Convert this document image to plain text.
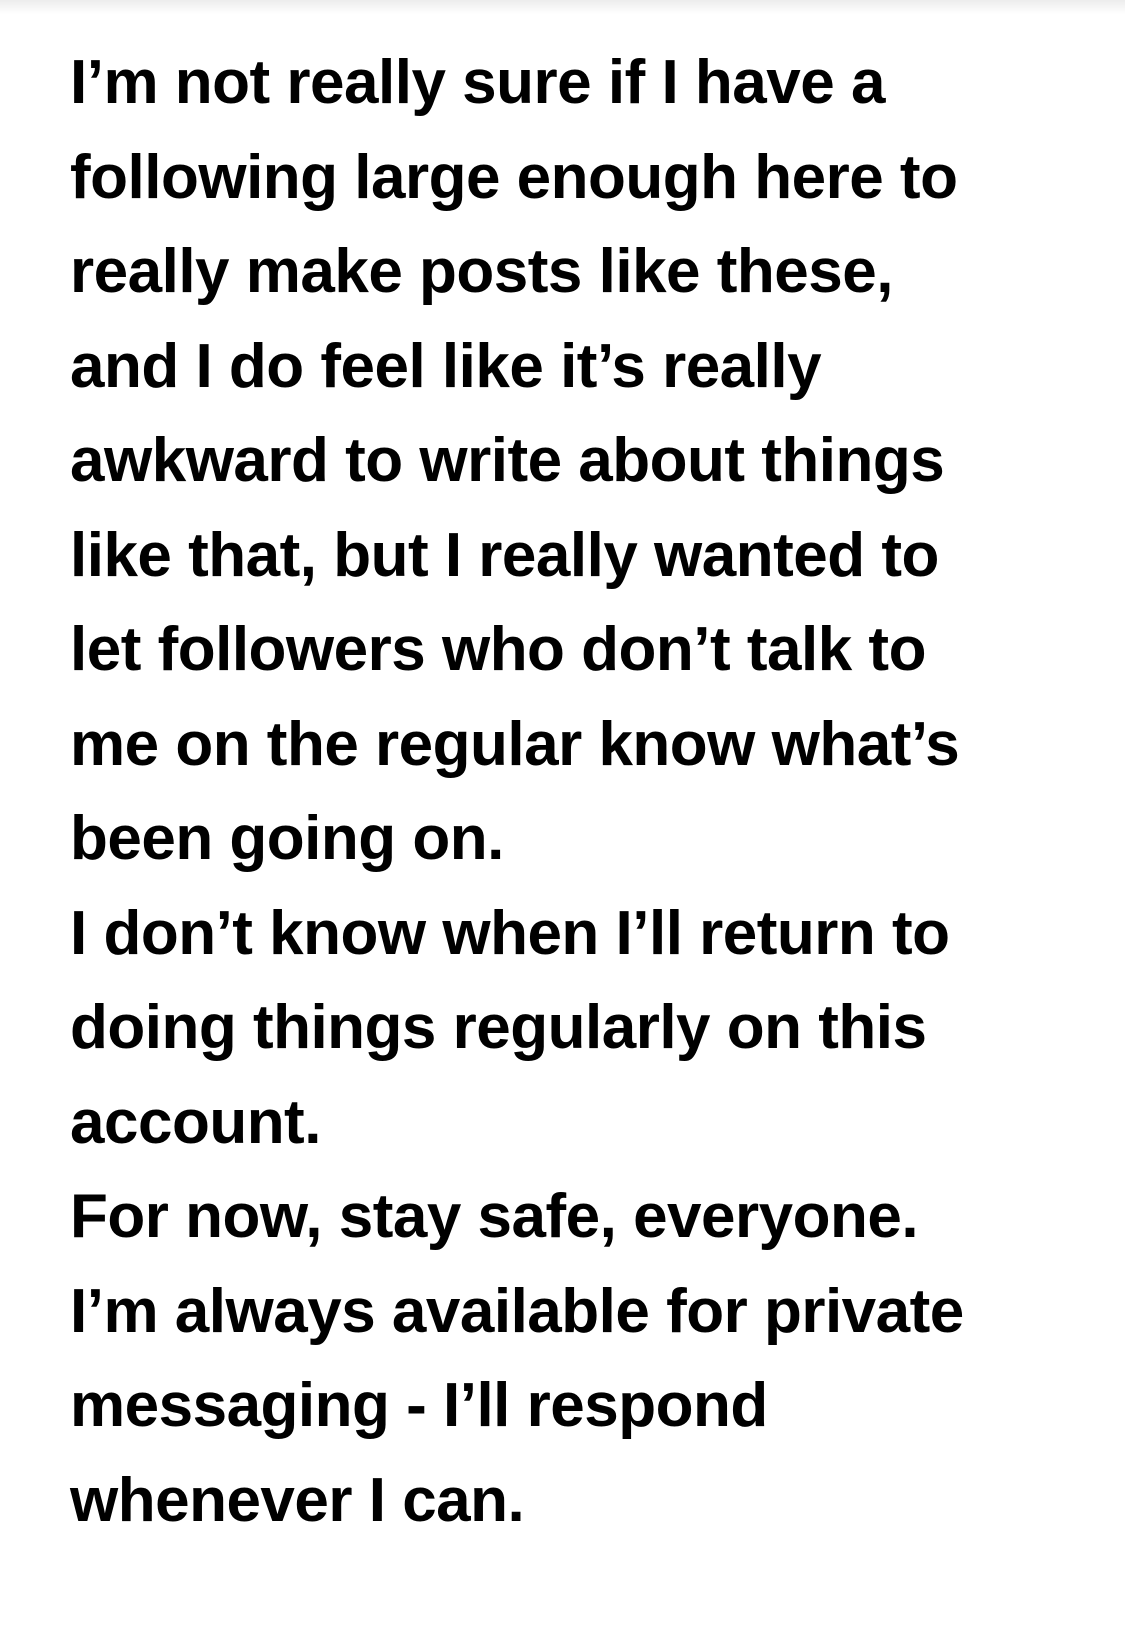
I’m not really sure if I have a
following large enough here to
really make posts like these,
and I do feel like it’s really
awkward to write about things
like that, but I really wanted to
let followers who don’t talk to
me on the regular know what’s
been going on.
I don’t know when I’ll return to
doing things regularly on this
account.
For now, stay safe, everyone.
I’m always available for private
messaging - I’ll respond
whenever I can.
